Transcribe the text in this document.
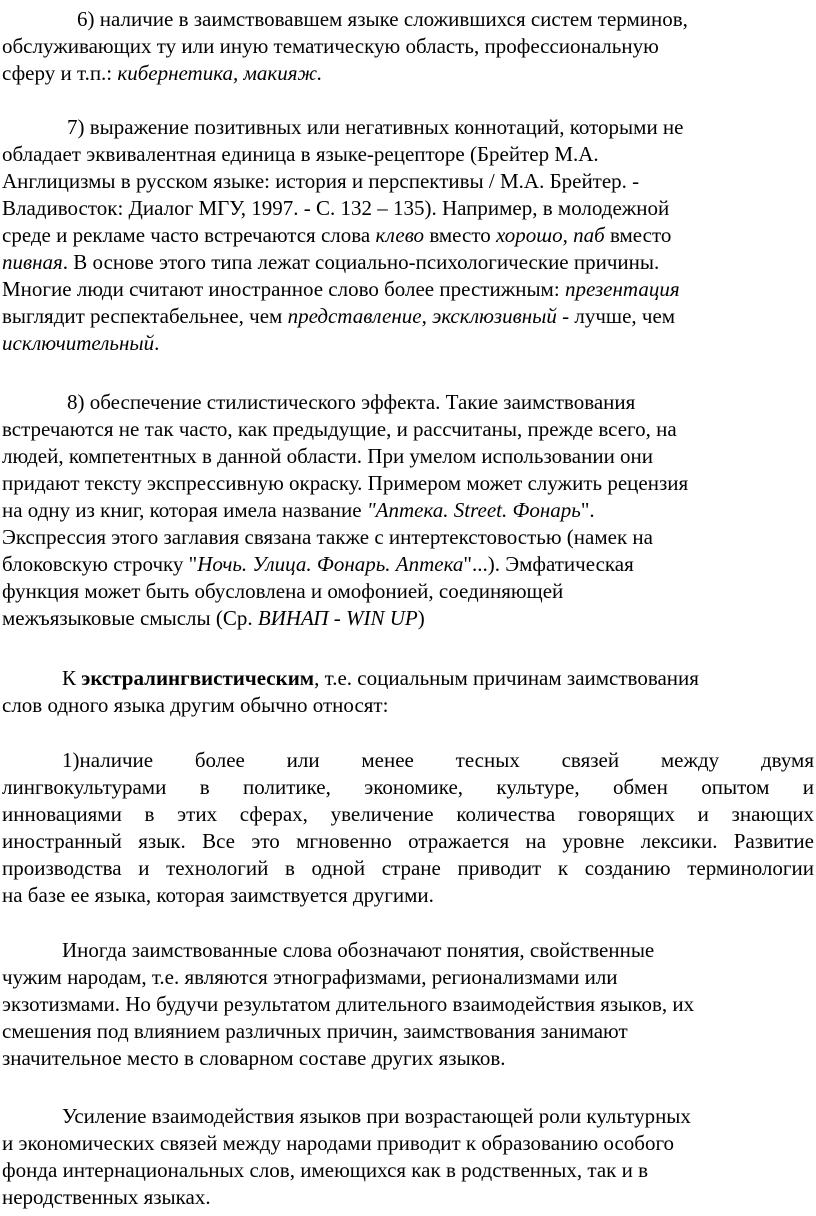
6) наличие в заимствовавшем языке сложившихся систем терминов,
обслуживающих ту или иную тематическую область, профессиональную
сферу и т.п.: кибернетика, макияж.
7) выражение позитивных или негативных коннотаций, которыми не
обладает эквивалентная единица в языке-рецепторе (Брейтер М.А.
Англицизмы в русском языке: история и перспективы / М.А. Брейтер. -
Владивосток: Диалог МГУ, 1997. - С. 132 – 135). Например, в молодежной
среде и рекламе часто встречаются слова клево вместо хорошо, паб вместо
пивная. В основе этого типа лежат социально-психологические причины.
Многие люди считают иностранное слово более престижным: презентация
выглядит респектабельнее, чем представление, эксклюзивный - лучше, чем
исключительный.
8) обеспечение стилистического эффекта. Такие заимствования
встречаются не так часто, как предыдущие, и рассчитаны, прежде всего, на
людей, компетентных в данной области. При умелом использовании они
придают тексту экспрессивную окраску. Примером может служить рецензия
на одну из книг, которая имела название "Аптека. Street. Фонарь".
Экспрессия этого заглавия связана также с интертекстовостью (намек на
блоковскую строчку "Ночь. Улица. Фонарь. Аптека"...). Эмфатическая
функция может быть обусловлена и омофонией, соединяющей
межъязыковые смыслы (Ср. ВИНАП - WIN UP)
К экстралингвистическим, т.е. социальным причинам заимствования
слов одного языка другим обычно относят:
1)наличие более или менее тесных связей между двумя
лингвокультурами в политике, экономике, культуре, обмен опытом и
инновациями в этих сферах, увеличение количества говорящих и знающих
иностранный язык. Все это мгновенно отражается на уровне лексики. Развитие
производства и технологий в одной стране приводит к созданию терминологии
на базе ее языка, которая заимствуется другими.
Иногда заимствованные слова обозначают понятия, свойственные
чужим народам, т.е. являются этнографизмами, регионализмами или
экзотизмами. Но будучи результатом длительного взаимодействия языков, их
смешения под влиянием различных причин, заимствования занимают
значительное место в словарном составе других языков.
Усиление взаимодействия языков при возрастающей роли культурных
и экономических связей между народами приводит к образованию особого
фонда интернациональных слов, имеющихся как в родственных, так и в
неродственных языках.
